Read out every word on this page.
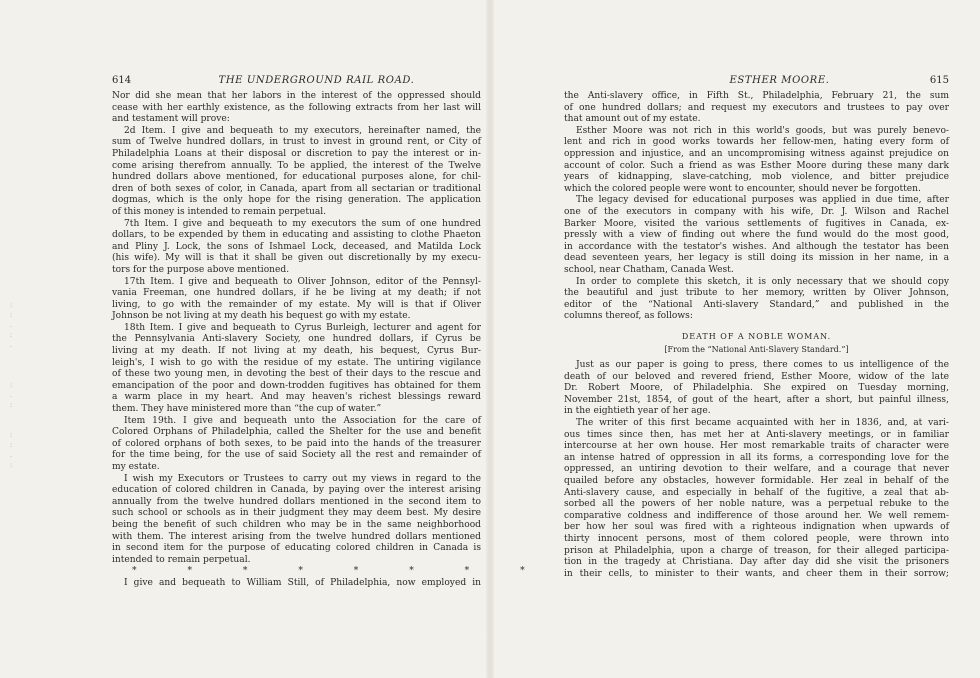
:
:
.
:
.

:
.
:

:
:
.
:
614	THE UNDERGROUND RAIL ROAD.
Nor did she mean that her labors in the interest of the oppressed should
cease with her earthly existence, as the following extracts from her last will
and testament will prove:
2d Item. I give and bequeath to my executors, hereinafter named, the
sum of Twelve hundred dollars, in trust to invest in ground rent, or City of
Philadelphia Loans at their disposal or discretion to pay the interest or in-
come arising therefrom annually. To be applied, the interest of the Twelve
hundred dollars above mentioned, for educational purposes alone, for chil-
dren of both sexes of color, in Canada, apart from all sectarian or traditional
dogmas, which is the only hope for the rising generation. The application
of this money is intended to remain perpetual.
7th Item. I give and bequeath to my executors the sum of one hundred
dollars, to be expended by them in educating and assisting to clothe Phaeton
and Pliny J. Lock, the sons of Ishmael Lock, deceased, and Matilda Lock
(his wife). My will is that it shall be given out discretionally by my execu-
tors for the purpose above mentioned.
17th Item. I give and bequeath to Oliver Johnson, editor of the Pennsyl-
vania Freeman, one hundred dollars, if he be living at my death; if not
living, to go with the remainder of my estate. My will is that if Oliver
Johnson be not living at my death his bequest go with my estate.
18th Item. I give and bequeath to Cyrus Burleigh, lecturer and agent for
the Pennsylvania Anti-slavery Society, one hundred dollars, if Cyrus be
living at my death. If not living at my death, his bequest, Cyrus Bur-
leigh's, I wish to go with the residue of my estate. The untiring vigilance
of these two young men, in devoting the best of their days to the rescue and
emancipation of the poor and down-trodden fugitives has obtained for them
a warm place in my heart. And may heaven's richest blessings reward
them. They have ministered more than “the cup of water.”
Item 19th. I give and bequeath unto the Association for the care of
Colored Orphans of Philadelphia, called the Shelter for the use and benefit
of colored orphans of both sexes, to be paid into the hands of the treasurer
for the time being, for the use of said Society all the rest and remainder of
my estate.
I wish my Executors or Trustees to carry out my views in regard to the
education of colored children in Canada, by paying over the interest arising
annually from the twelve hundred dollars mentioned in the second item to
such school or schools as in their judgment they may deem best. My desire
being the benefit of such children who may be in the same neighborhood
with them. The interest arising from the twelve hundred dollars mentioned
in second item for the purpose of educating colored children in Canada is
intended to remain perpetual.
* * * * * * * *
I give and bequeath to William Still, of Philadelphia, now employed in
615
ESTHER MOORE.
the Anti-slavery office, in Fifth St., Philadelphia, February 21, the sum
of one hundred dollars; and request my executors and trustees to pay over
that amount out of my estate.
Esther Moore was not rich in this world's goods, but was purely benevo-
lent and rich in good works towards her fellow-men, hating every form of
oppression and injustice, and an uncompromising witness against prejudice on
account of color. Such a friend as was Esther Moore during these many dark
years of kidnapping, slave-catching, mob violence, and bitter prejudice
which the colored people were wont to encounter, should never be forgotten.
The legacy devised for educational purposes was applied in due time, after
one of the executors in company with his wife, Dr. J. Wilson and Rachel
Barker Moore, visited the various settlements of fugitives in Canada, ex-
pressly with a view of finding out where the fund would do the most good,
in accordance with the testator's wishes. And although the testator has been
dead seventeen years, her legacy is still doing its mission in her name, in a
school, near Chatham, Canada West.
In order to complete this sketch, it is only necessary that we should copy
the beautiful and just tribute to her memory, written by Oliver Johnson,
editor of the “National Anti-slavery Standard,” and published in the
columns thereof, as follows:
DEATH OF A NOBLE WOMAN.
[From the “National Anti-Slavery Standard.”]
Just as our paper is going to press, there comes to us intelligence of the
death of our beloved and revered friend, Esther Moore, widow of the late
Dr. Robert Moore, of Philadelphia. She expired on Tuesday morning,
November 21st, 1854, of gout of the heart, after a short, but painful illness,
in the eightieth year of her age.
The writer of this first became acquainted with her in 1836, and, at vari-
ous times since then, has met her at Anti-slavery meetings, or in familiar
intercourse at her own house. Her most remarkable traits of character were
an intense hatred of oppression in all its forms, a corresponding love for the
oppressed, an untiring devotion to their welfare, and a courage that never
quailed before any obstacles, however formidable. Her zeal in behalf of the
Anti-slavery cause, and especially in behalf of the fugitive, a zeal that ab-
sorbed all the powers of her noble nature, was a perpetual rebuke to the
comparative coldness and indifference of those around her. We well remem-
ber how her soul was fired with a righteous indignation when upwards of
thirty innocent persons, most of them colored people, were thrown into
prison at Philadelphia, upon a charge of treason, for their alleged participa-
tion in the tragedy at Christiana. Day after day did she visit the prisoners
in their cells, to minister to their wants, and cheer them in their sorrow;
